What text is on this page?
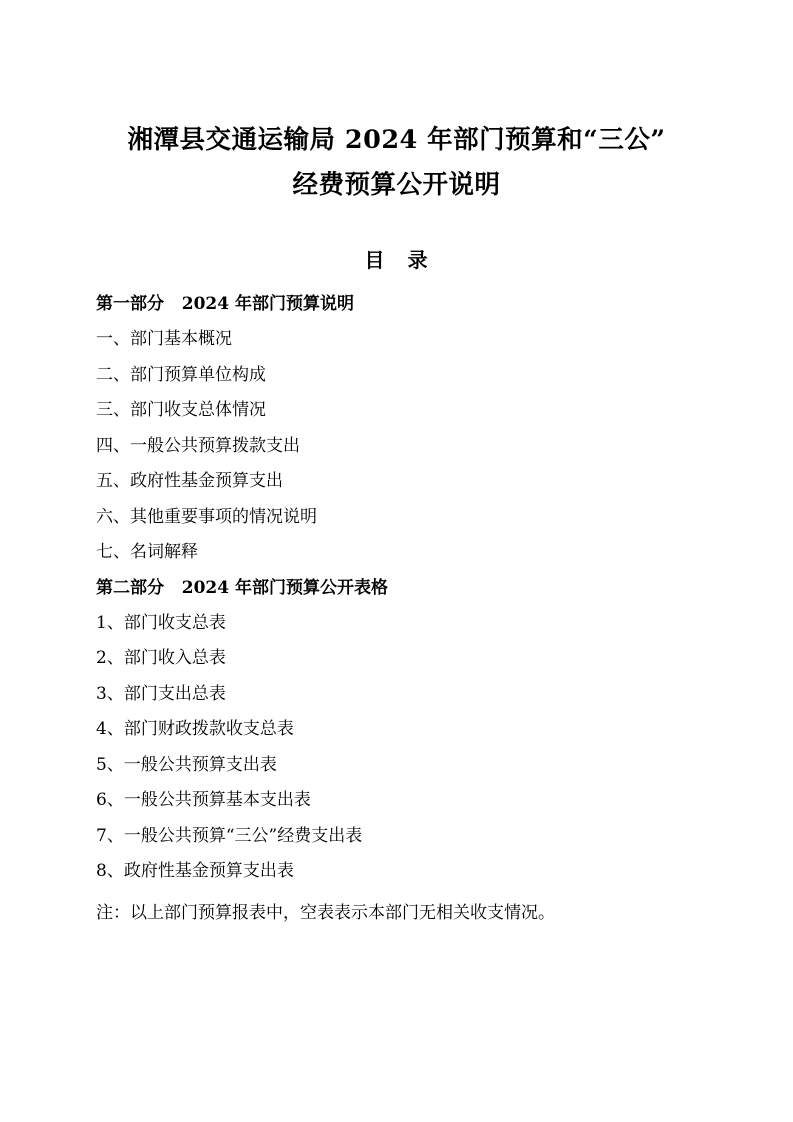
湘潭县交通运输局 2024 年部门预算和“三公”
经费预算公开说明
目 录
第一部分   2024 年部门预算说明
一、部门基本概况
二、部门预算单位构成
三、部门收支总体情况
四、一般公共预算拨款支出
五、政府性基金预算支出
六、其他重要事项的情况说明
七、名词解释
第二部分   2024 年部门预算公开表格
1、部门收支总表
2、部门收入总表
3、部门支出总表
4、部门财政拨款收支总表
5、一般公共预算支出表
6、一般公共预算基本支出表
7、一般公共预算“三公”经费支出表
8、政府性基金预算支出表
注：以上部门预算报表中，空表表示本部门无相关收支情况。
